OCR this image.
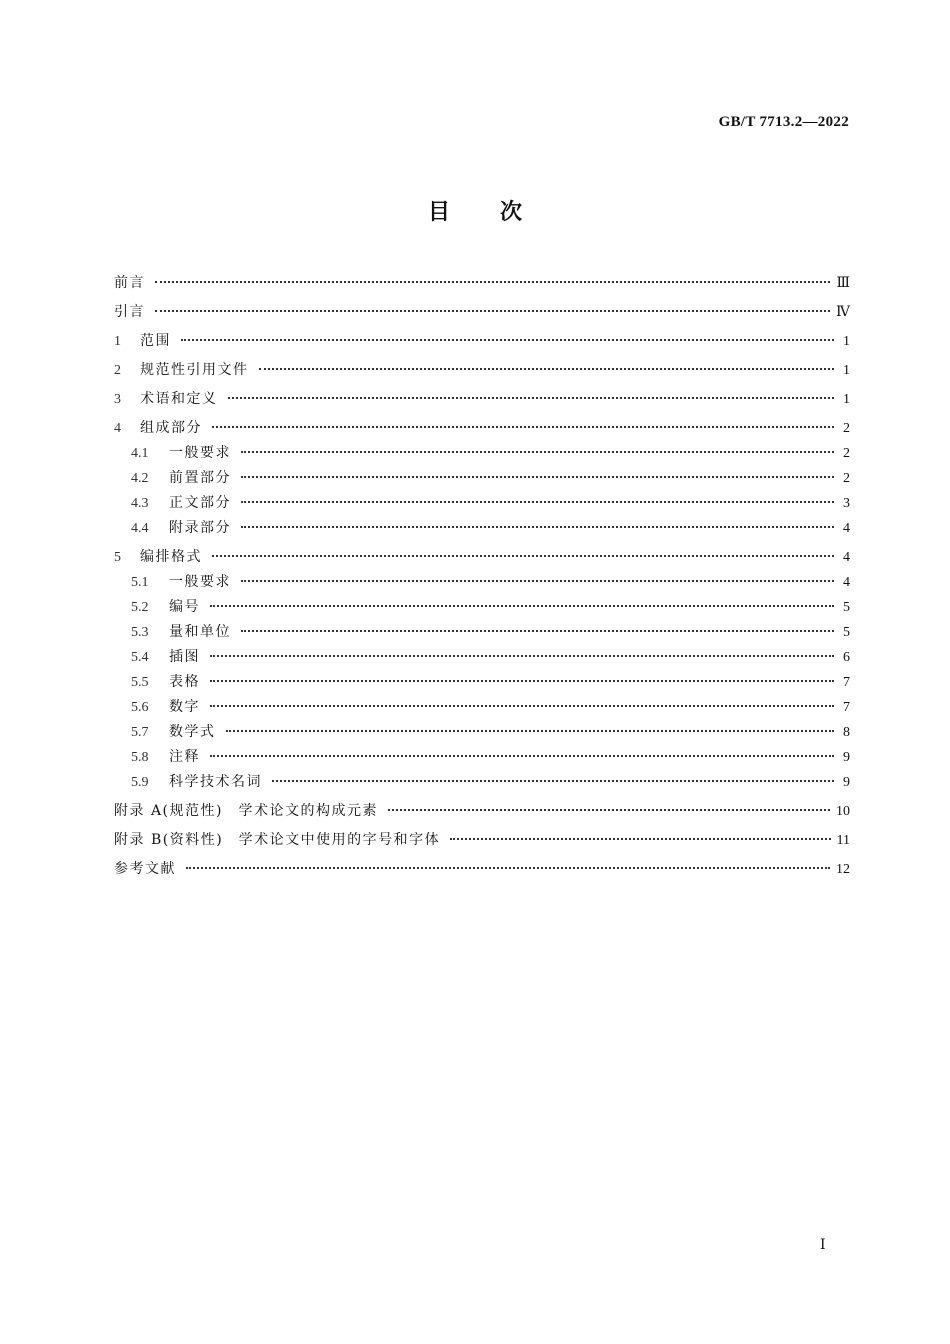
GB/T 7713.2—2022
目 次
前言	Ⅲ
引言	Ⅳ
1	范围	1
2	规范性引用文件	1
3	术语和定义	1
4	组成部分	2
4.1	一般要求	2
4.2	前置部分	2
4.3	正文部分	3
4.4	附录部分	4
5	编排格式	4
5.1	一般要求	4
5.2	编号	5
5.3	量和单位	5
5.4	插图	6
5.5	表格	7
5.6	数字	7
5.7	数学式	8
5.8	注释	9
5.9	科学技术名词	9
附录 A(规范性)　学术论文的构成元素	10
附录 B(资料性)　学术论文中使用的字号和字体	11
参考文献	12
Ⅰ
